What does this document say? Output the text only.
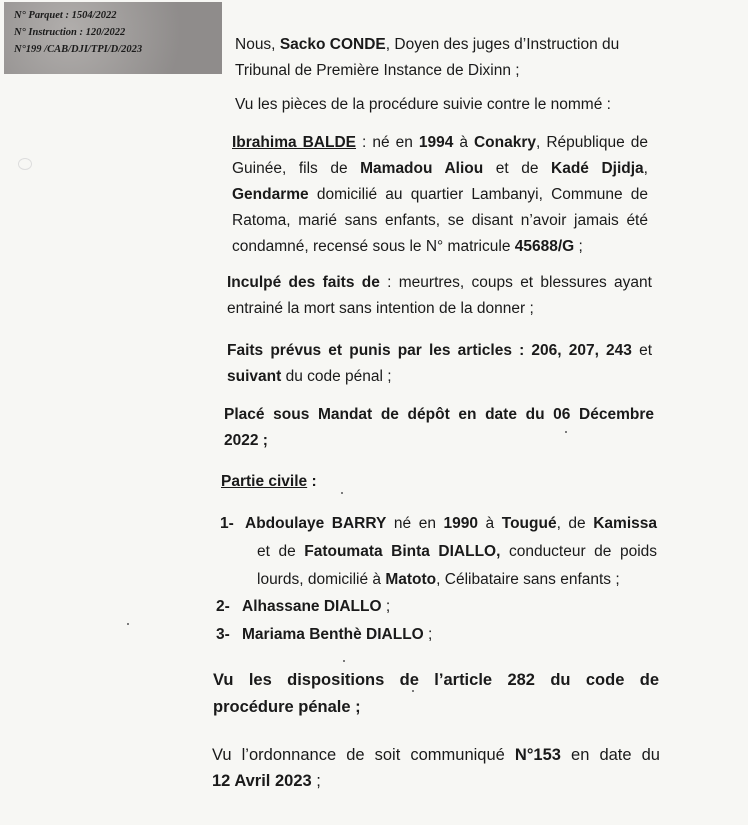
N° Parquet : 1504/2022
N° Instruction : 120/2022
N°199 /CAB/DJI/TPI/D/2023	Nous, Sacko CONDE, Doyen des juges d’Instruction du
Tribunal de Première Instance de Dixinn ;
Vu les pièces de la procédure suivie contre le nommé :
Ibrahima BALDE : né en 1994 à Conakry, République de
Guinée, fils de Mamadou Aliou et de Kadé Djidja,
Gendarme domicilié au quartier Lambanyi, Commune de
Ratoma, marié sans enfants, se disant n’avoir jamais été
condamné, recensé sous le N° matricule 45688/G ;
Inculpé des faits de : meurtres, coups et blessures ayant
entrainé la mort sans intention de la donner ;
Faits prévus et punis par les articles : 206, 207, 243 et
suivant du code pénal ;
Placé sous Mandat de dépôt en date du 06 Décembre
2022 ;
Partie civile :
1- Abdoulaye BARRY né en 1990 à Tougué, de Kamissa
et de Fatoumata Binta DIALLO, conducteur de poids
lourds, domicilié à Matoto, Célibataire sans enfants ;
2- Alhassane DIALLO ;
3- Mariama Benthè DIALLO ;
Vu les dispositions de l’article 282 du code de
procédure pénale ;
Vu l’ordonnance de soit communiqué N°153 en date du
12 Avril 2023 ;
